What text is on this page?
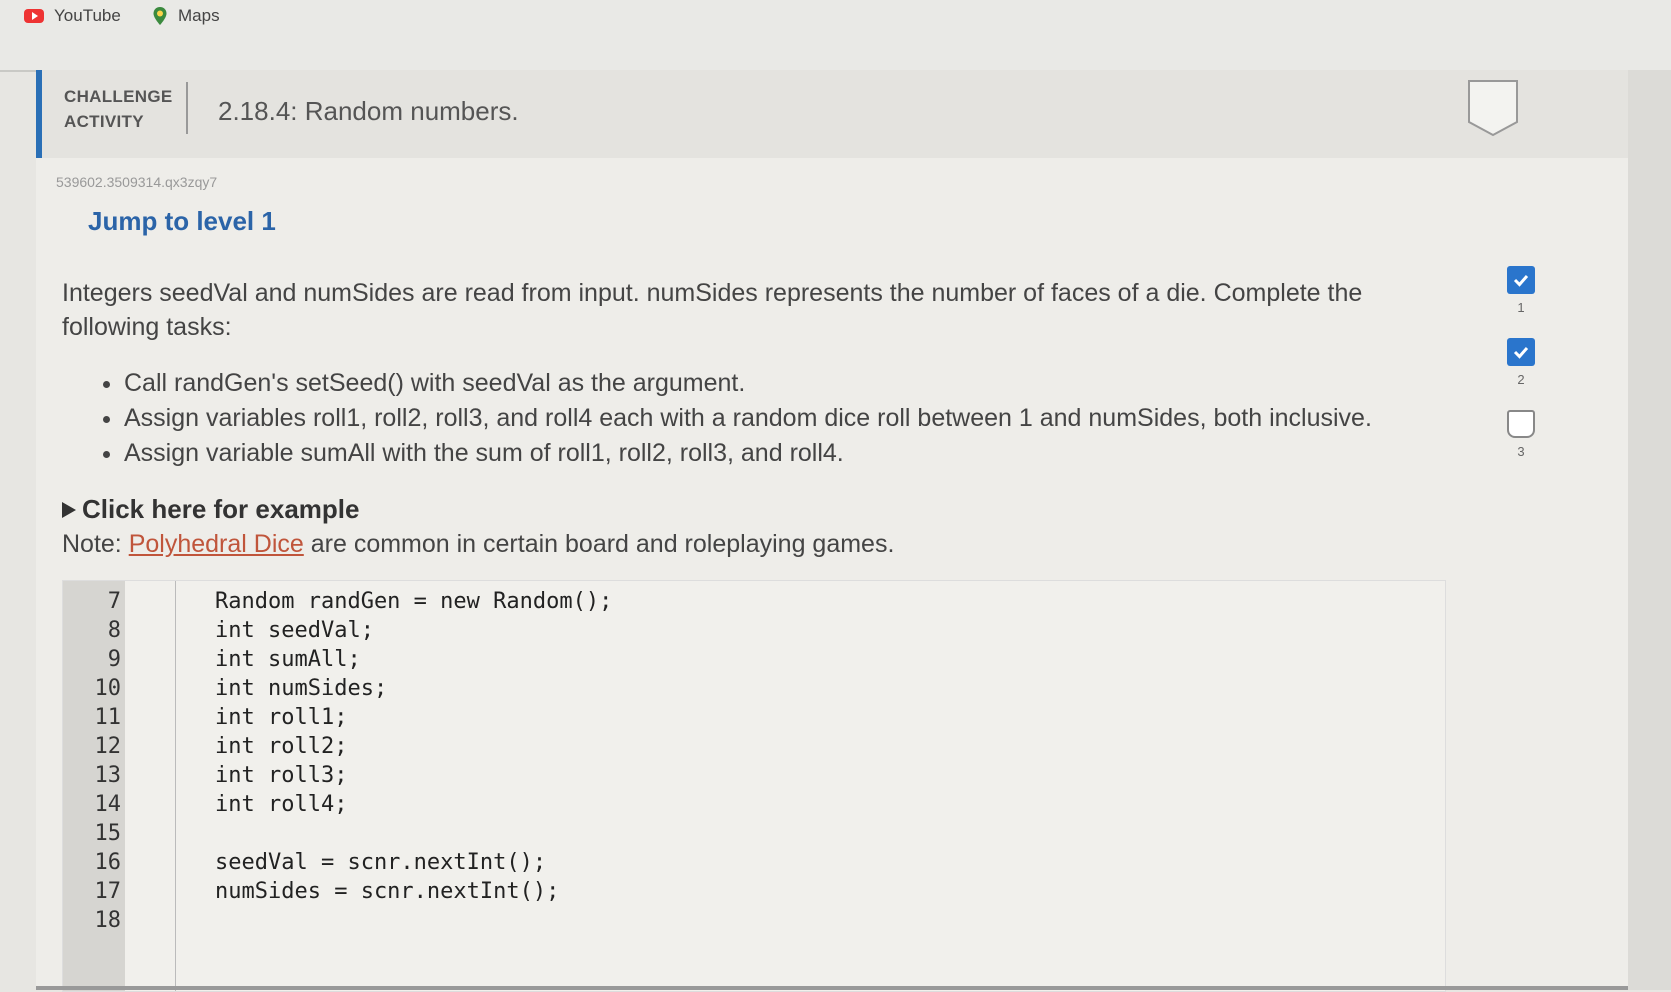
YouTube	Maps
CHALLENGE
ACTIVITY	2.18.4: Random numbers.
539602.3509314.qx3zqy7
Jump to level 1
Integers seedVal and numSides are read from input. numSides represents the number of faces of a die. Complete the following tasks:
• Call randGen's setSeed() with seedVal as the argument.
• Assign variables roll1, roll2, roll3, and roll4 each with a random dice roll between 1 and numSides, both inclusive.
• Assign variable sumAll with the sum of roll1, roll2, roll3, and roll4.
Click here for example
Note: Polyhedral Dice are common in certain board and roleplaying games.
7	Random randGen = new Random();
8	int seedVal;
9	int sumAll;
10	int numSides;
11	int roll1;
12	int roll2;
13	int roll3;
14	int roll4;
15
16	seedVal = scnr.nextInt();
17	numSides = scnr.nextInt();
18
1
2
3
